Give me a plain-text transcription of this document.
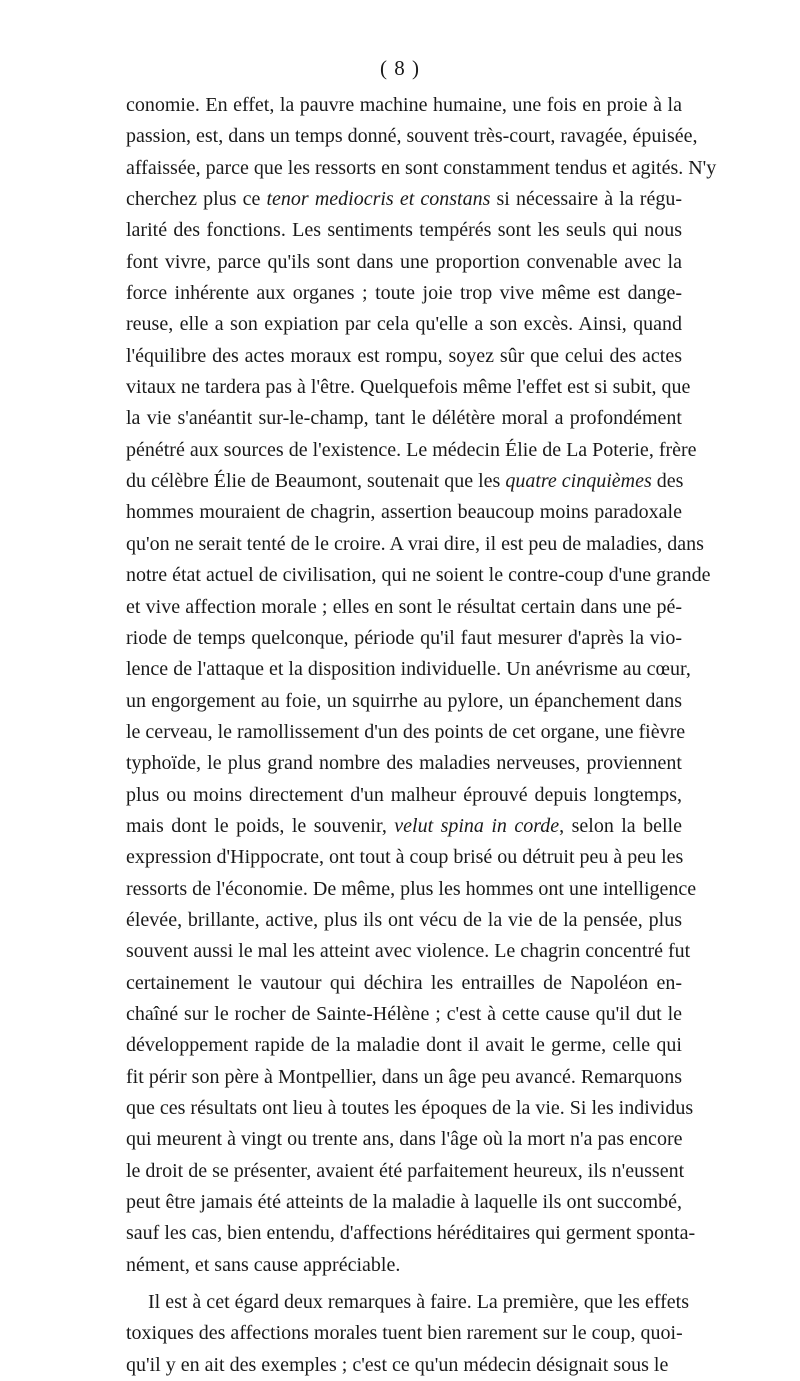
( 8 )
conomie. En effet, la pauvre machine humaine, une fois en proie à la
passion, est, dans un temps donné, souvent très-court, ravagée, épuisée,
affaissée, parce que les ressorts en sont constamment tendus et agités. N'y
cherchez plus ce tenor mediocris et constans si nécessaire à la régu-
larité des fonctions. Les sentiments tempérés sont les seuls qui nous
font vivre, parce qu'ils sont dans une proportion convenable avec la
force inhérente aux organes ; toute joie trop vive même est dange-
reuse, elle a son expiation par cela qu'elle a son excès. Ainsi, quand
l'équilibre des actes moraux est rompu, soyez sûr que celui des actes
vitaux ne tardera pas à l'être. Quelquefois même l'effet est si subit, que
la vie s'anéantit sur-le-champ, tant le délétère moral a profondément
pénétré aux sources de l'existence. Le médecin Élie de La Poterie, frère
du célèbre Élie de Beaumont, soutenait que les quatre cinquièmes des
hommes mouraient de chagrin, assertion beaucoup moins paradoxale
qu'on ne serait tenté de le croire. A vrai dire, il est peu de maladies, dans
notre état actuel de civilisation, qui ne soient le contre-coup d'une grande
et vive affection morale ; elles en sont le résultat certain dans une pé-
riode de temps quelconque, période qu'il faut mesurer d'après la vio-
lence de l'attaque et la disposition individuelle. Un anévrisme au cœur,
un engorgement au foie, un squirrhe au pylore, un épanchement dans
le cerveau, le ramollissement d'un des points de cet organe, une fièvre
typhoïde, le plus grand nombre des maladies nerveuses, proviennent
plus ou moins directement d'un malheur éprouvé depuis longtemps,
mais dont le poids, le souvenir, velut spina in corde, selon la belle
expression d'Hippocrate, ont tout à coup brisé ou détruit peu à peu les
ressorts de l'économie. De même, plus les hommes ont une intelligence
élevée, brillante, active, plus ils ont vécu de la vie de la pensée, plus
souvent aussi le mal les atteint avec violence. Le chagrin concentré fut
certainement le vautour qui déchira les entrailles de Napoléon en-
chaîné sur le rocher de Sainte-Hélène ; c'est à cette cause qu'il dut le
développement rapide de la maladie dont il avait le germe, celle qui
fit périr son père à Montpellier, dans un âge peu avancé. Remarquons
que ces résultats ont lieu à toutes les époques de la vie. Si les individus
qui meurent à vingt ou trente ans, dans l'âge où la mort n'a pas encore
le droit de se présenter, avaient été parfaitement heureux, ils n'eussent
peut être jamais été atteints de la maladie à laquelle ils ont succombé,
sauf les cas, bien entendu, d'affections héréditaires qui germent sponta-
nément, et sans cause appréciable.
Il est à cet égard deux remarques à faire. La première, que les effets
toxiques des affections morales tuent bien rarement sur le coup, quoi-
qu'il y en ait des exemples ; c'est ce qu'un médecin désignait sous le
